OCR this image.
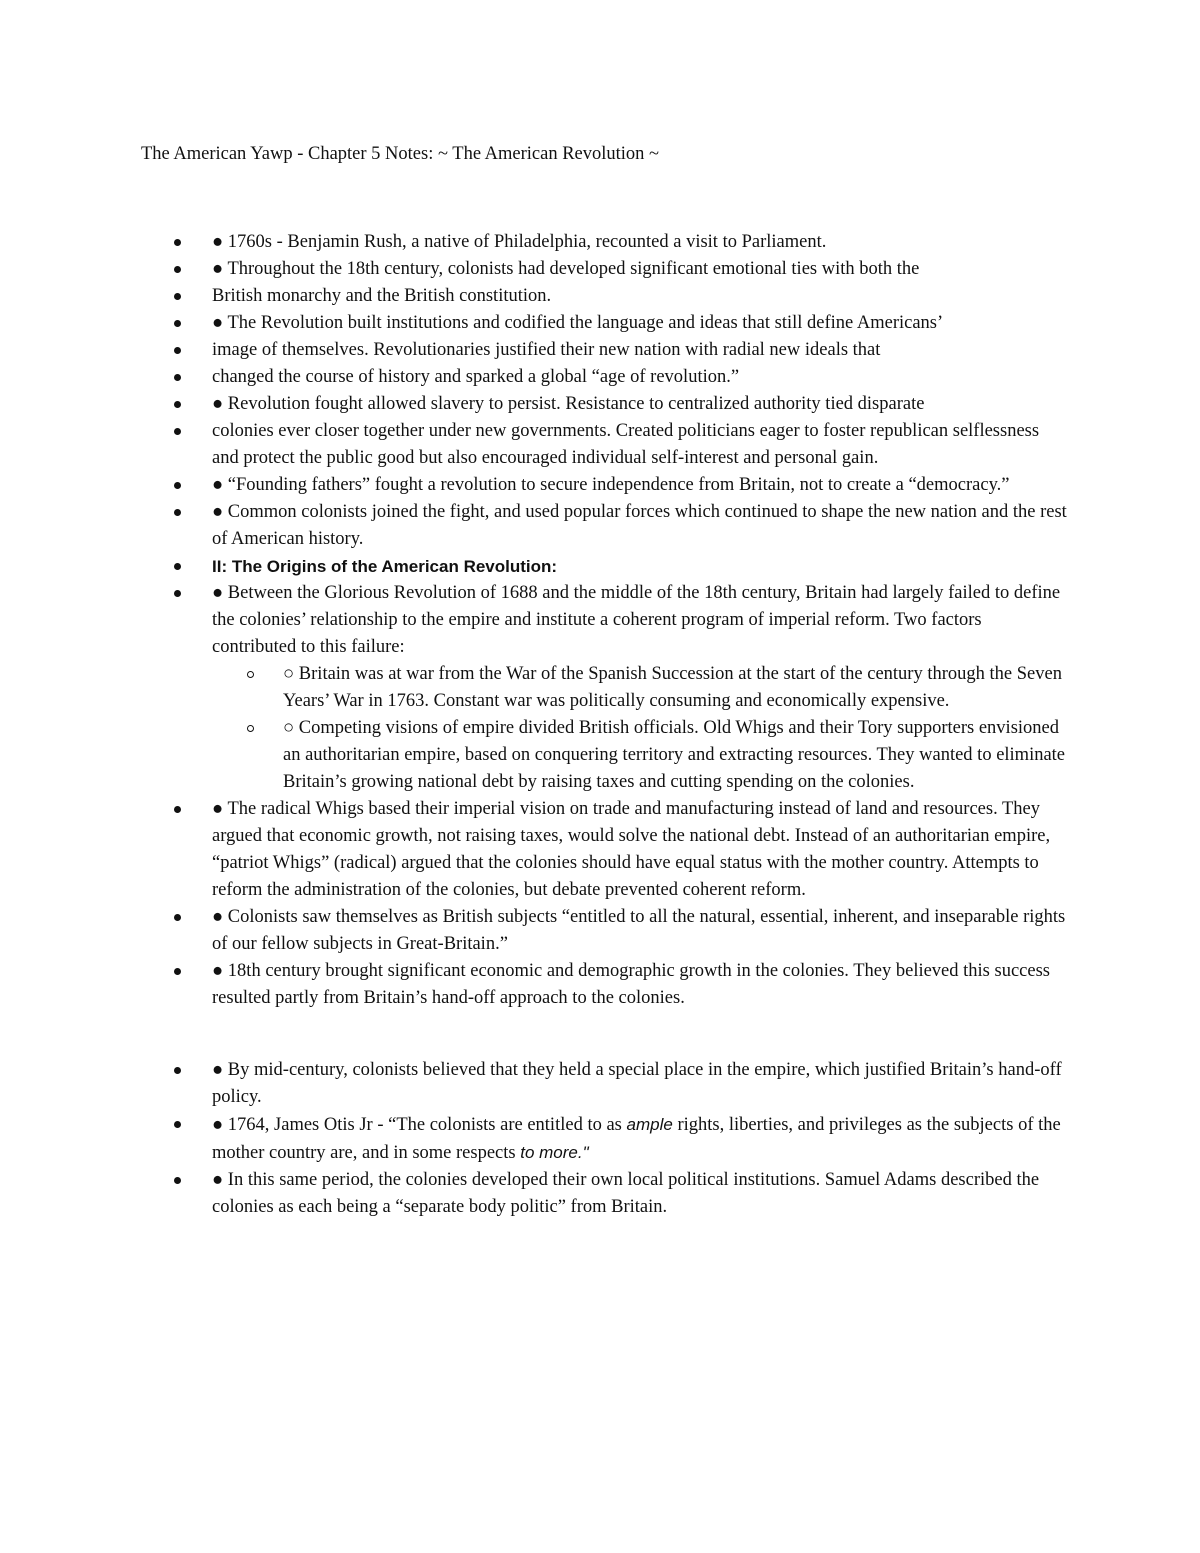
The American Yawp - Chapter 5 Notes: ~ The American Revolution ~
● 1760s - Benjamin Rush, a native of Philadelphia, recounted a visit to Parliament.
● Throughout the 18th century, colonists had developed significant emotional ties with both the
British monarchy and the British constitution.
● The Revolution built institutions and codified the language and ideas that still define Americans’
image of themselves. Revolutionaries justified their new nation with radial new ideals that
changed the course of history and sparked a global “age of revolution.”
● Revolution fought allowed slavery to persist. Resistance to centralized authority tied disparate
colonies ever closer together under new governments. Created politicians eager to foster republican selflessness and protect the public good but also encouraged individual self-interest and personal gain.
● “Founding fathers” fought a revolution to secure independence from Britain, not to create a “democracy.”
● Common colonists joined the fight, and used popular forces which continued to shape the new nation and the rest of American history.
II: The Origins of the American Revolution:
● Between the Glorious Revolution of 1688 and the middle of the 18th century, Britain had largely failed to define the colonies’ relationship to the empire and institute a coherent program of imperial reform. Two factors contributed to this failure:
○ Britain was at war from the War of the Spanish Succession at the start of the century through the Seven Years’ War in 1763. Constant war was politically consuming and economically expensive.
○ Competing visions of empire divided British officials. Old Whigs and their Tory supporters envisioned an authoritarian empire, based on conquering territory and extracting resources. They wanted to eliminate Britain’s growing national debt by raising taxes and cutting spending on the colonies.
● The radical Whigs based their imperial vision on trade and manufacturing instead of land and resources. They argued that economic growth, not raising taxes, would solve the national debt. Instead of an authoritarian empire, “patriot Whigs” (radical) argued that the colonies should have equal status with the mother country. Attempts to reform the administration of the colonies, but debate prevented coherent reform.
● Colonists saw themselves as British subjects “entitled to all the natural, essential, inherent, and inseparable rights of our fellow subjects in Great-Britain.”
● 18th century brought significant economic and demographic growth in the colonies. They believed this success resulted partly from Britain’s hand-off approach to the colonies.
● By mid-century, colonists believed that they held a special place in the empire, which justified Britain’s hand-off policy.
● 1764, James Otis Jr - “The colonists are entitled to as ample rights, liberties, and privileges as the subjects of the mother country are, and in some respects to more."
● In this same period, the colonies developed their own local political institutions. Samuel Adams described the colonies as each being a “separate body politic” from Britain.
